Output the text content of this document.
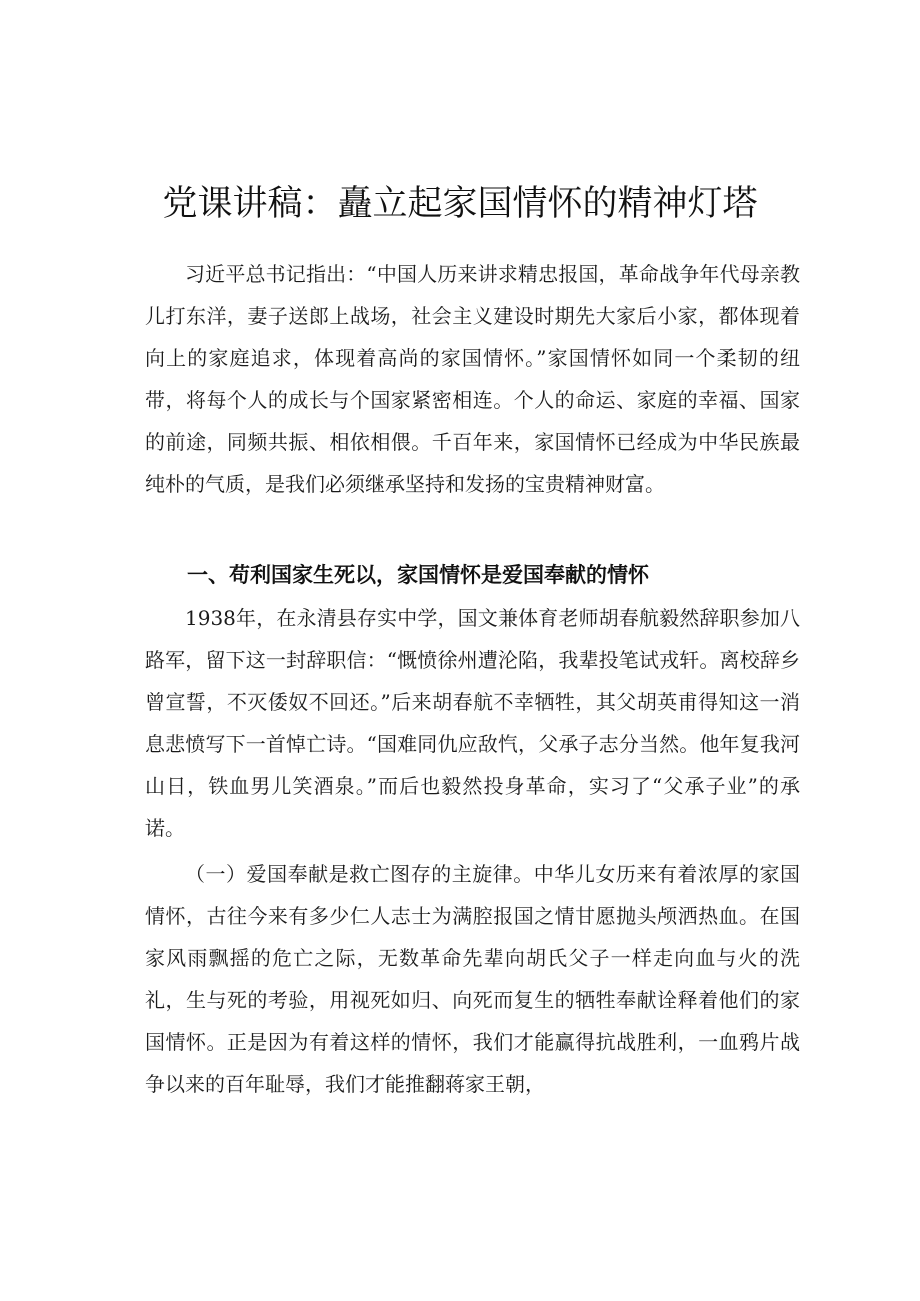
党课讲稿：矗立起家国情怀的精神灯塔

习近平总书记指出：“中国人历来讲求精忠报国，革命战争年代母亲教儿打东洋，妻子送郎上战场，社会主义建设时期先大家后小家，都体现着向上的家庭追求，体现着高尚的家国情怀。”家国情怀如同一个柔韧的纽带，将每个人的成长与个国家紧密相连。个人的命运、家庭的幸福、国家的前途，同频共振、相依相偎。千百年来，家国情怀已经成为中华民族最纯朴的气质，是我们必须继承坚持和发扬的宝贵精神财富。

一、苟利国家生死以，家国情怀是爱国奉献的情怀

1938年，在永清县存实中学，国文兼体育老师胡春航毅然辞职参加八路军，留下这一封辞职信：“慨愤徐州遭沦陷，我辈投笔试戎轩。离校辞乡曾宣誓，不灭倭奴不回还。”后来胡春航不幸牺牲，其父胡英甫得知这一消息悲愤写下一首悼亡诗。“国难同仇应敌忾，父承子志分当然。他年复我河山日，铁血男儿笑酒泉。”而后也毅然投身革命，实习了“父承子业”的承诺。

（一）爱国奉献是救亡图存的主旋律。中华儿女历来有着浓厚的家国情怀，古往今来有多少仁人志士为满腔报国之情甘愿抛头颅洒热血。在国家风雨飘摇的危亡之际，无数革命先辈向胡氏父子一样走向血与火的洗礼，生与死的考验，用视死如归、向死而复生的牺牲奉献诠释着他们的家国情怀。正是因为有着这样的情怀，我们才能赢得抗战胜利，一血鸦片战争以来的百年耻辱，我们才能推翻蒋家王朝，
